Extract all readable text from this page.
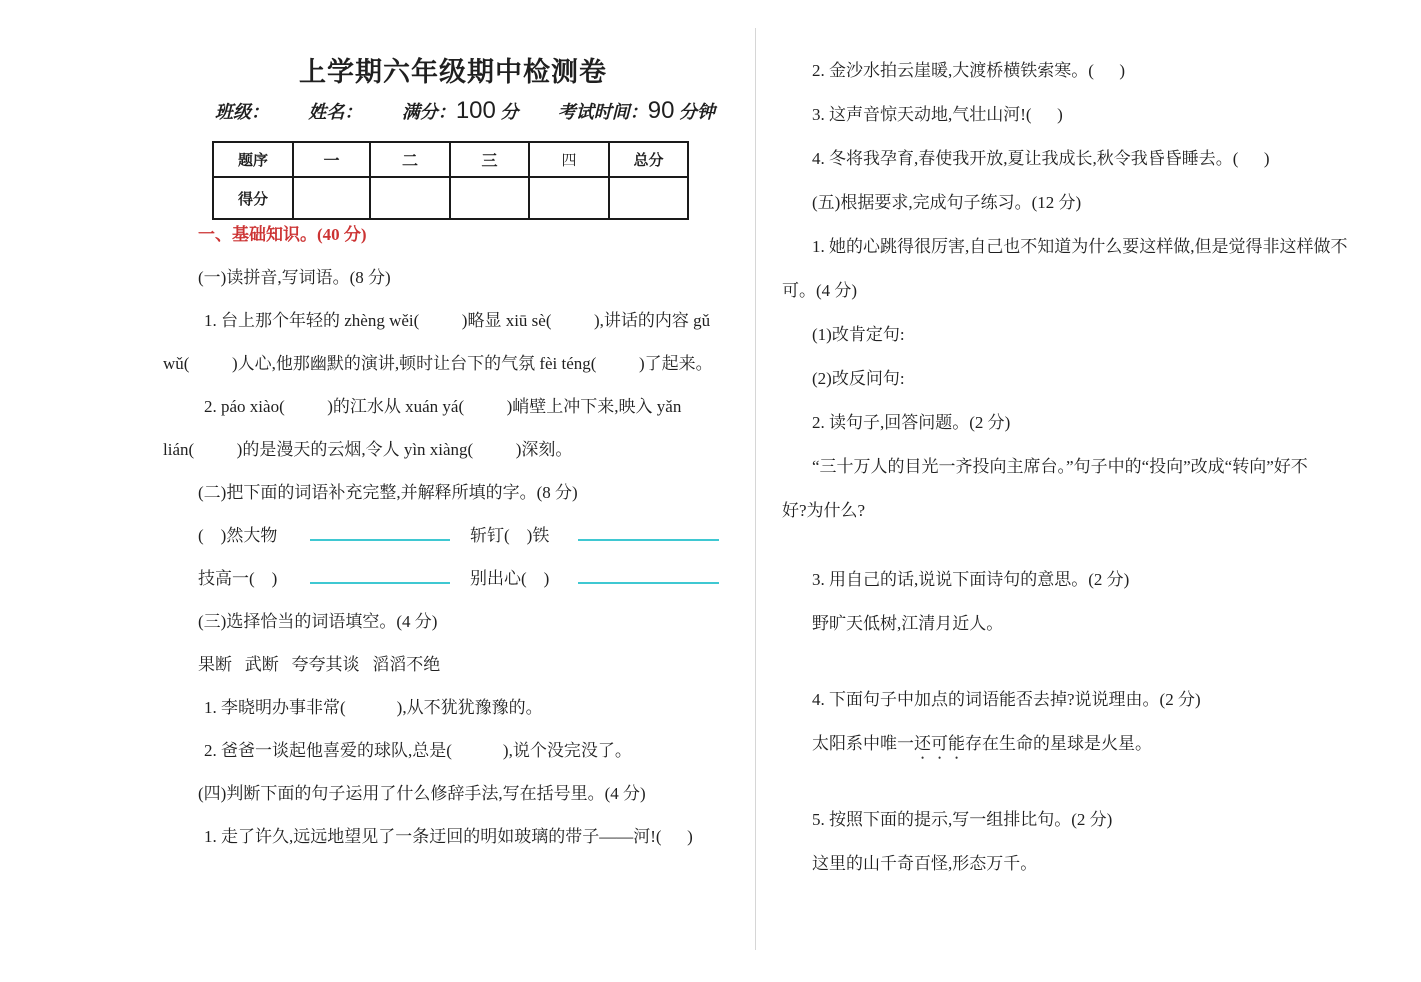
上学期六年级期中检测卷
班级： 姓名： 满分：100 分 考试时间：90 分钟
题序	一	二	三	四	总分
得分					
一、基础知识。(40 分)
(一)读拼音,写词语。(8 分)
1. 台上那个年轻的 zhèng wěi(          )略显 xiū sè(          ),讲话的内容 gǔ
wǔ(          )人心,他那幽默的演讲,顿时让台下的气氛 fèi téng(          )了起来。
2. páo xiào(          )的江水从 xuán yá(          )峭壁上冲下来,映入 yǎn
lián(          )的是漫天的云烟,令人 yìn xiàng(          )深刻。
(二)把下面的词语补充完整,并解释所填的字。(8 分)
(    )然大物	斩钉(    )铁
技高一(    )	别出心(    )
(三)选择恰当的词语填空。(4 分)
果断   武断   夸夸其谈   滔滔不绝
1. 李晓明办事非常(            ),从不犹犹豫豫的。
2. 爸爸一谈起他喜爱的球队,总是(            ),说个没完没了。
(四)判断下面的句子运用了什么修辞手法,写在括号里。(4 分)
1. 走了许久,远远地望见了一条迂回的明如玻璃的带子——河!(      )
2. 金沙水拍云崖暖,大渡桥横铁索寒。(      )
3. 这声音惊天动地,气壮山河!(      )
4. 冬将我孕育,春使我开放,夏让我成长,秋令我昏昏睡去。(      )
(五)根据要求,完成句子练习。(12 分)
1. 她的心跳得很厉害,自己也不知道为什么要这样做,但是觉得非这样做不
可。(4 分)
(1)改肯定句:
(2)改反问句:
2. 读句子,回答问题。(2 分)
“三十万人的目光一齐投向主席台。”句子中的“投向”改成“转向”好不
好?为什么?
3. 用自己的话,说说下面诗句的意思。(2 分)
野旷天低树,江清月近人。
4. 下面句子中加点的词语能否去掉?说说理由。(2 分)
太阳系中唯一还可能存在生命的星球是火星。
5. 按照下面的提示,写一组排比句。(2 分)
这里的山千奇百怪,形态万千。
